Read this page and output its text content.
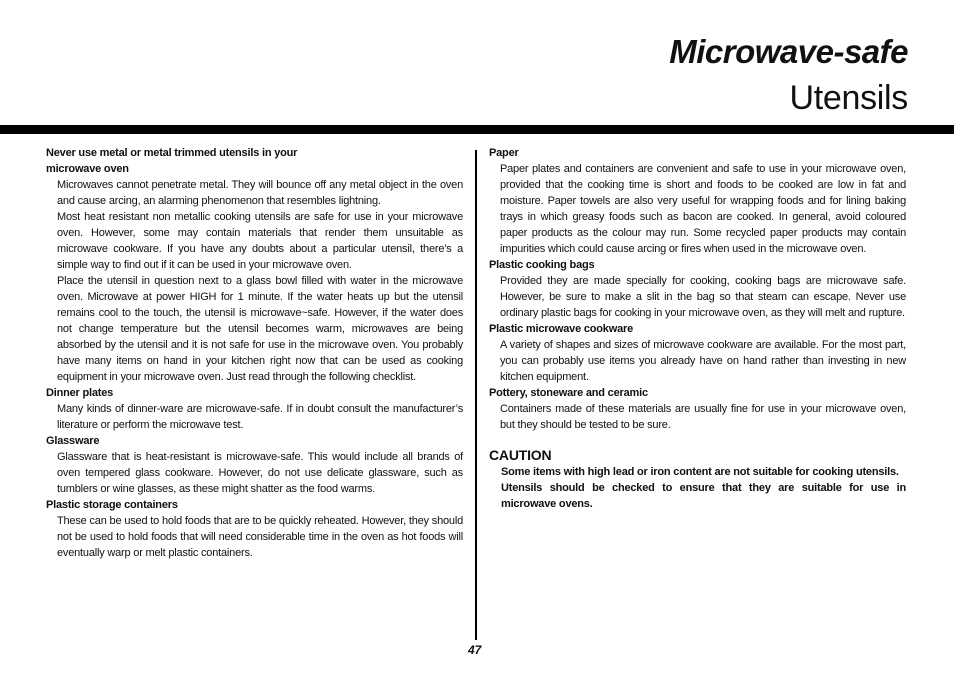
Microwave-safe
Utensils
Never use metal or metal trimmed utensils in your
microwave oven
Microwaves cannot penetrate metal. They will bounce off any metal object in the oven and cause arcing, an alarming phenomenon that resembles lightning.
Most heat resistant non metallic cooking utensils are safe for use in your microwave oven. However, some may contain materials that render them unsuitable as microwave cookware. If you have any doubts about a particular utensil, there’s a simple way to find out if it can be used in your microwave oven.
Place the utensil in question next to a glass bowl filled with water in the microwave oven. Microwave at power HIGH for 1 minute. If the water heats up but the utensil remains cool to the touch, the utensil is microwave~safe. However, if the water does not change temperature but the utensil becomes warm, microwaves are being absorbed by the utensil and it is not safe for use in the microwave oven. You probably have many items on hand in your kitchen right now that can be used as cooking equipment in your microwave oven. Just read through the following checklist.
Dinner plates
Many kinds of dinner-ware are microwave-safe. If in doubt consult the manufacturer’s literature or perform the microwave test.
Glassware
Glassware that is heat-resistant is microwave-safe. This would include all brands of oven tempered glass cookware. However, do not use delicate glassware, such as tumblers or wine glasses, as these might shatter as the food warms.
Plastic storage containers
These can be used to hold foods that are to be quickly reheated. However, they should not be used to hold foods that will need considerable time in the oven as hot foods will eventually warp or melt plastic containers.
Paper
Paper plates and containers are convenient and safe to use in your microwave oven, provided that the cooking time is short and foods to be cooked are low in fat and moisture. Paper towels are also very useful for wrapping foods and for lining baking trays in which greasy foods such as bacon are cooked. In general, avoid coloured paper products as the colour may run. Some recycled paper products may contain impurities which could cause arcing or fires when used in the microwave oven.
Plastic cooking bags
Provided they are made specially for cooking, cooking bags are microwave safe. However, be sure to make a slit in the bag so that steam can escape. Never use ordinary plastic bags for cooking in your microwave oven, as they will melt and rupture.
Plastic microwave cookware
A variety of shapes and sizes of microwave cookware are available. For the most part, you can probably use items you already have on hand rather than investing in new kitchen equipment.
Pottery, stoneware and ceramic
Containers made of these materials are usually fine for use in your microwave oven, but they should be tested to be sure.
CAUTION
Some items with high lead or iron content are not suitable for cooking utensils.
Utensils should be checked to ensure that they are suitable for use in microwave ovens.
47
